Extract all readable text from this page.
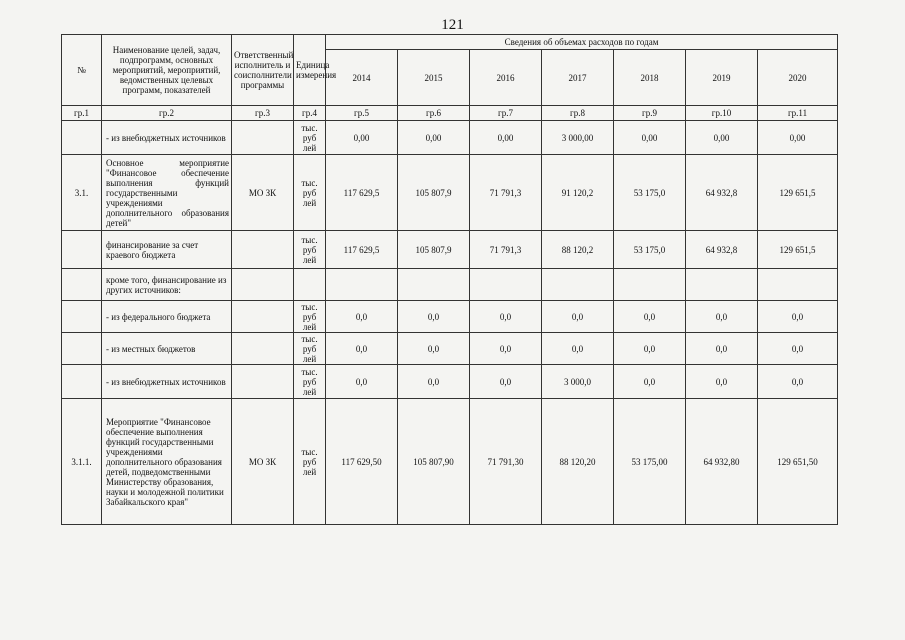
121
№	Наименование целей, задач, подпрограмм, основных мероприятий, мероприятий, ведомственных целевых программ, показателей	Ответственный исполнитель и соисполнители программы	Единица измерения	Сведения об объемах расходов по годам						
				2014	2015	2016	2017	2018	2019	2020
гр.1	гр.2	гр.3	гр.4	гр.5	гр.6	гр.7	гр.8	гр.9	гр.10	гр.11
	- из внебюджетных источников		тыс. руб лей	0,00	0,00	0,00	3 000,00	0,00	0,00	0,00
3.1.	Основное мероприятие "Финансовое обеспечение выполнения функций государственными учреждениями дополнительного образования детей"	МО ЗК	тыс. руб лей	117 629,5	105 807,9	71 791,3	91 120,2	53 175,0	64 932,8	129 651,5
	финансирование за счет краевого бюджета		тыс. руб лей	117 629,5	105 807,9	71 791,3	88 120,2	53 175,0	64 932,8	129 651,5
	кроме того, финансирование из других источников:									
	- из федерального бюджета		тыс. руб лей	0,0	0,0	0,0	0,0	0,0	0,0	0,0
	- из местных бюджетов		тыс. руб лей	0,0	0,0	0,0	0,0	0,0	0,0	0,0
	- из внебюджетных источников		тыс. руб лей	0,0	0,0	0,0	3 000,0	0,0	0,0	0,0
3.1.1.	Мероприятие "Финансовое обеспечение выполнения функций государственными учреждениями дополнительного образования детей, подведомственными Министерству образования, науки и молодежной политики Забайкальского края"	МО ЗК	тыс. руб лей	117 629,50	105 807,90	71 791,30	88 120,20	53 175,00	64 932,80	129 651,50
